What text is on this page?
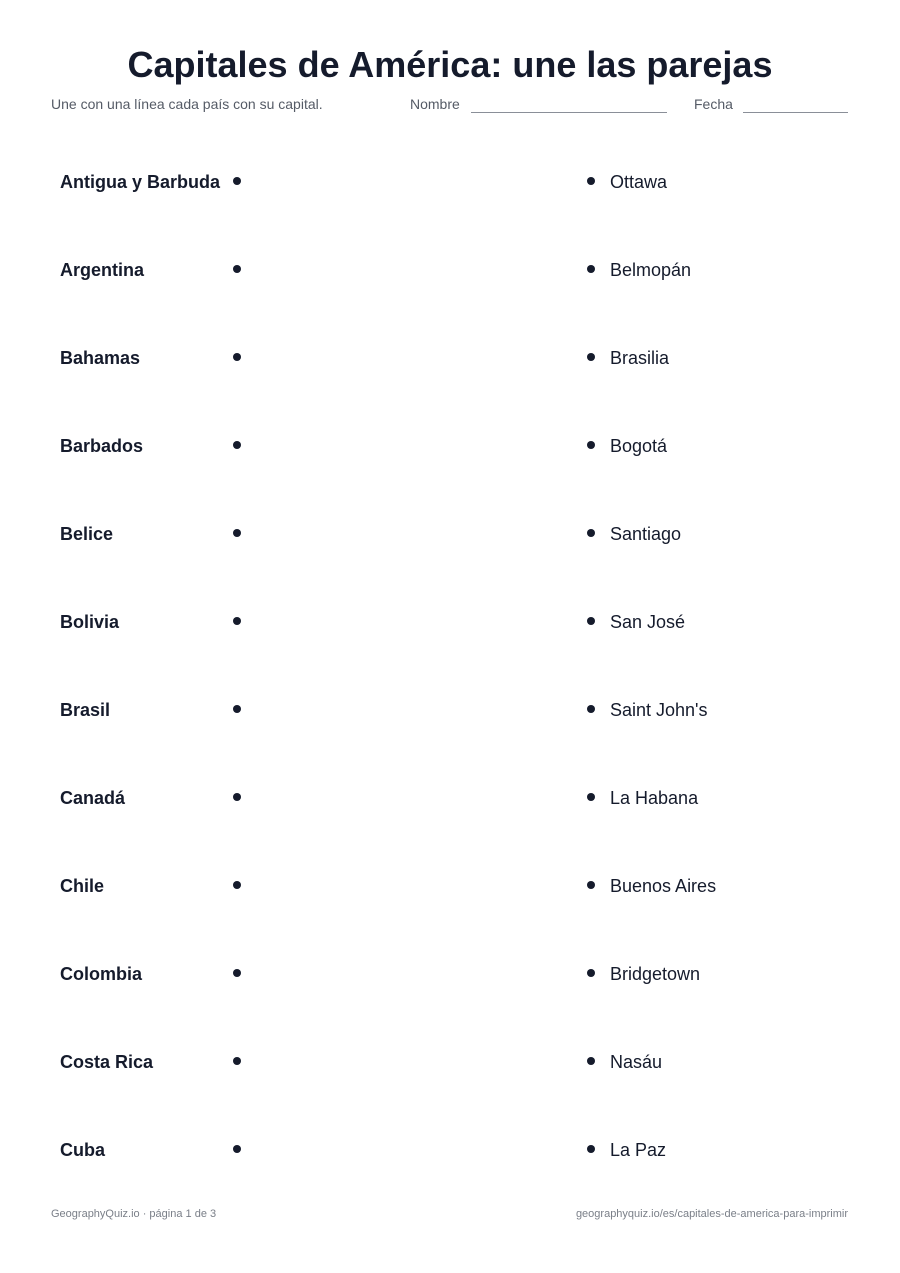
Capitales de América: une las parejas
Une con una línea cada país con su capital.	Nombre	Fecha
Antigua y Barbuda	Ottawa
Argentina	Belmopán
Bahamas	Brasilia
Barbados	Bogotá
Belice	Santiago
Bolivia	San José
Brasil	Saint John's
Canadá	La Habana
Chile	Buenos Aires
Colombia	Bridgetown
Costa Rica	Nasáu
Cuba	La Paz
GeographyQuiz.io · página 1 de 3	geographyquiz.io/es/capitales-de-america-para-imprimir
